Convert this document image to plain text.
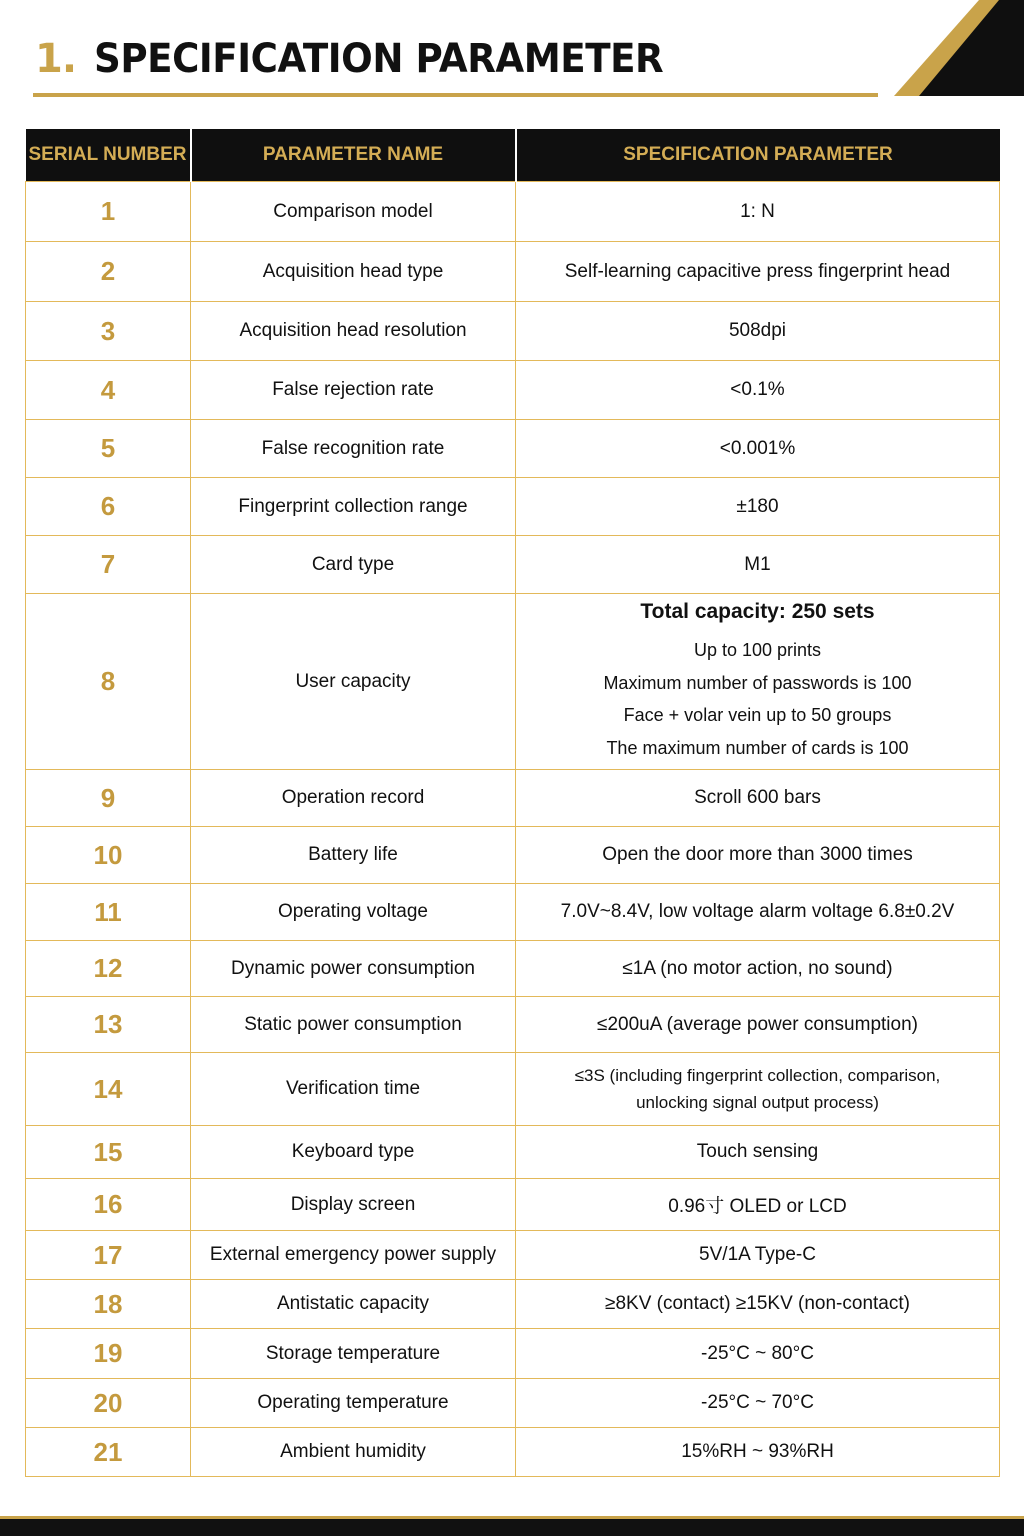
1. SPECIFICATION PARAMETER
SERIAL NUMBER	PARAMETER NAME	SPECIFICATION PARAMETER
1	Comparison model	1: N
2	Acquisition head type	Self-learning capacitive press fingerprint head
3	Acquisition head resolution	508dpi
4	False rejection rate	<0.1%
5	False recognition rate	<0.001%
6	Fingerprint collection range	±180
7	Card type	M1
8	User capacity	Total capacity: 250 sets
Up to 100 prints
Maximum number of passwords is 100
Face + volar vein up to 50 groups
The maximum number of cards is 100

9	Operation record	Scroll 600 bars
10	Battery life	Open the door more than 3000 times
11	Operating voltage	7.0V~8.4V, low voltage alarm voltage 6.8±0.2V
12	Dynamic power consumption	≤1A (no motor action, no sound)
13	Static power consumption	≤200uA (average power consumption)
14	Verification time	≤3S (including fingerprint collection, comparison,
unlocking signal output process)

15	Keyboard type	Touch sensing
16	Display screen	0.96寸 OLED or LCD
17	External emergency power supply	5V/1A Type-C
18	Antistatic capacity	≥8KV (contact) ≥15KV (non-contact)
19	Storage temperature	-25°C ~ 80°C
20	Operating temperature	-25°C ~ 70°C
21	Ambient humidity	15%RH ~ 93%RH
